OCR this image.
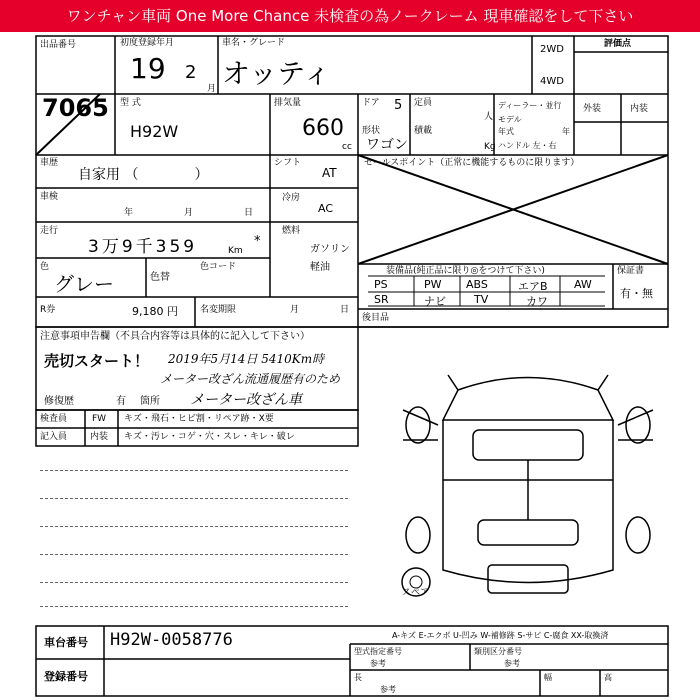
ワンチャン車両 One More Chance 未検査の為ノークレーム 現車確認をして下さい
出品番号
7065
初度登録年月
19 2
月
車名・グレード
オッティ
2WD
4WD
評価点
型 式
H92W
排気量
660
cc
ドア 5
形状
ワゴン
定員
人
積載
Kg
ディーラー・並行
モデル
年式	年
ハンドル 左・右
外装	内装
車歴
自家用 （　　　　）
車検
年	月	日
走行
3万9千359	Km
*
色
グレー	色替
色コード
シフト
AT
冷房
AC
燃料
ガソリン
軽油
R券	9,180 円 名変期限	月	日
セールスポイント（正常に機能するものに限ります）
装備品(純正品に限り◎をつけて下さい)
PS	PW ABS	エアB AW
SR	ナビ	TV	カワ
保証書
有・無
後目品
注意事項申告欄（不具合内容等は具体的に記入して下さい）
売切スタート！ 2019年5月14日 5410Km時
メーター改ざん流通履歴有のため
修復歴	有 箇所 メーター改ざん車
検査員	FW キズ・飛石・ヒビ割・リペア跡・X要
記入員	内装 キズ・汚レ・コゲ・穴・スレ・キレ・破レ
スペア
A-キズ E-エクボ U-凹み W-補修跡 S-サビ C-腐食 XX-取換済
車台番号 H92W-0058776
登録番号
型式指定番号
参考
類別区分番号
参考
長
参考
幅	高
